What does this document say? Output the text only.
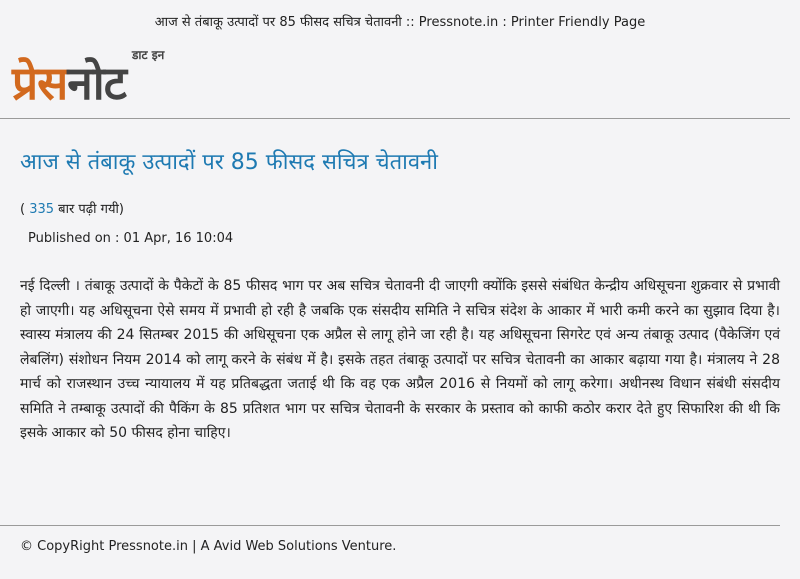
आज से तंबाकू उत्पादों पर 85 फीसद सचित्र चेतावनी :: Pressnote.in : Printer Friendly Page
डाट इन
प्रेसनोट
आज से तंबाकू उत्पादों पर 85 फीसद सचित्र चेतावनी
( 335 बार पढ़ी गयी)
Published on : 01 Apr, 16 10:04
नई दिल्ली । तंबाकू उत्पादों के पैकेटों के 85 फीसद भाग पर अब सचित्र चेतावनी दी जाएगी क्योंकि इससे संबंधित केन्द्रीय अधिसूचना शुक्रवार से प्रभावी हो जाएगी। यह अधिसूचना ऐसे समय में प्रभावी हो रही है जबकि एक संसदीय समिति ने सचित्र संदेश के आकार में भारी कमी करने का सुझाव दिया है।स्वास्य मंत्रालय की 24 सितम्बर 2015 की अधिसूचना एक अप्रैल से लागू होने जा रही है। यह अधिसूचना सिगरेट एवं अन्य तंबाकू उत्पाद (पैकेजिंग एवं लेबलिंग) संशोधन नियम 2014 को लागू करने के संबंध में है। इसके तहत तंबाकू उत्पादों पर सचित्र चेतावनी का आकार बढ़ाया गया है। मंत्रालय ने 28 मार्च को राजस्थान उच्च न्यायालय में यह प्रतिबद्धता जताई थी कि वह एक अप्रैल 2016 से नियमों को लागू करेगा। अधीनस्थ विधान संबंधी संसदीय समिति ने तम्बाकू उत्पादों की पैकिंग के 85 प्रतिशत भाग पर सचित्र चेतावनी के सरकार के प्रस्ताव को काफी कठोर करार देते हुए सिफारिश की थी कि इसके आकार को 50 फीसद होना चाहिए।
© CopyRight Pressnote.in | A Avid Web Solutions Venture.
